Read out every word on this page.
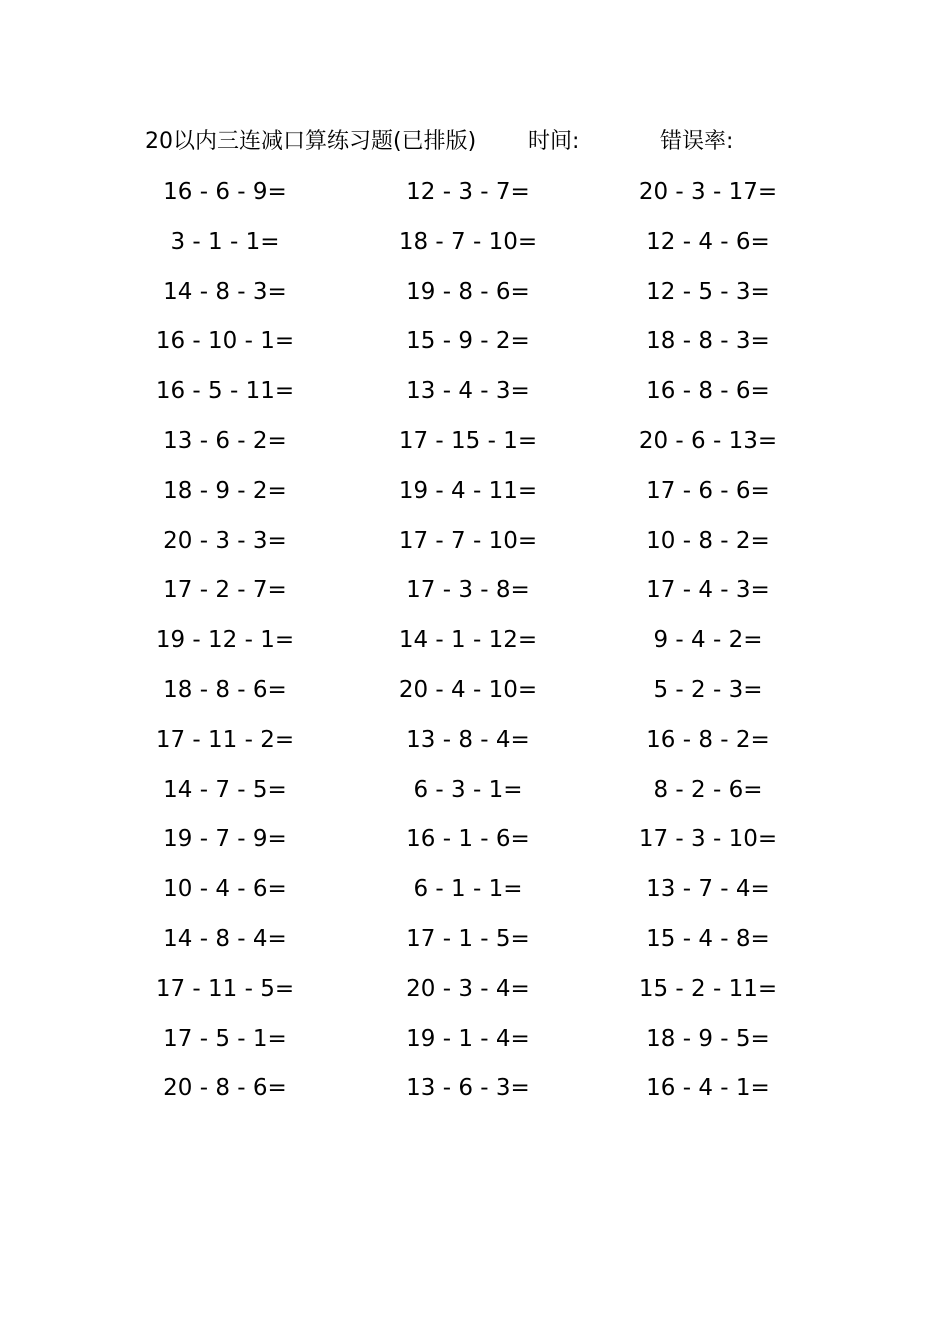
20以内三连减口算练习题(已排版) 时间:	错误率:
16 - 6 - 9=	12 - 3 - 7=	20 - 3 - 17=
3 - 1 - 1=	18 - 7 - 10=	12 - 4 - 6=
14 - 8 - 3=	19 - 8 - 6=	12 - 5 - 3=
16 - 10 - 1=	15 - 9 - 2=	18 - 8 - 3=
16 - 5 - 11=	13 - 4 - 3=	16 - 8 - 6=
13 - 6 - 2=	17 - 15 - 1=	20 - 6 - 13=
18 - 9 - 2=	19 - 4 - 11=	17 - 6 - 6=
20 - 3 - 3=	17 - 7 - 10=	10 - 8 - 2=
17 - 2 - 7=	17 - 3 - 8=	17 - 4 - 3=
19 - 12 - 1=	14 - 1 - 12=	9 - 4 - 2=
18 - 8 - 6=	20 - 4 - 10=	5 - 2 - 3=
17 - 11 - 2=	13 - 8 - 4=	16 - 8 - 2=
14 - 7 - 5=	6 - 3 - 1=	8 - 2 - 6=
19 - 7 - 9=	16 - 1 - 6=	17 - 3 - 10=
10 - 4 - 6=	6 - 1 - 1=	13 - 7 - 4=
14 - 8 - 4=	17 - 1 - 5=	15 - 4 - 8=
17 - 11 - 5=	20 - 3 - 4=	15 - 2 - 11=
17 - 5 - 1=	19 - 1 - 4=	18 - 9 - 5=
20 - 8 - 6=	13 - 6 - 3=	16 - 4 - 1=
